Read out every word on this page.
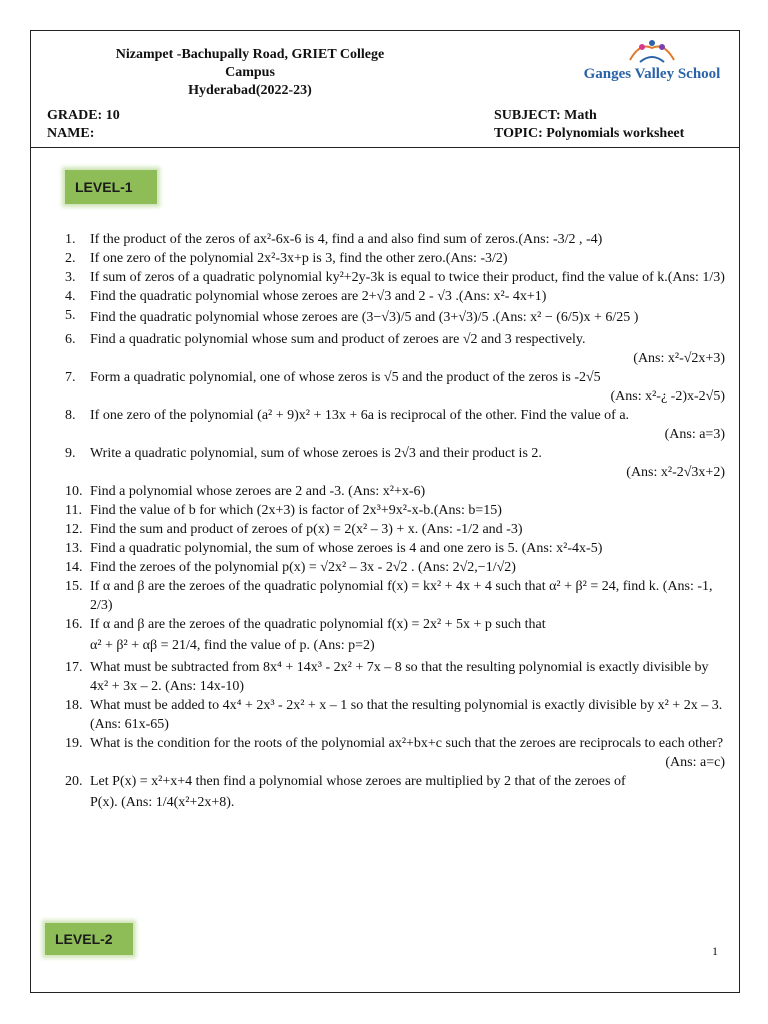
Nizampet -Bachupally Road, GRIET College Campus
Hyderabad(2022-23)
Ganges Valley School
GRADE: 10
NAME:
SUBJECT: Math
TOPIC: Polynomials worksheet
LEVEL-1
1. If the product of the zeros of ax²-6x-6 is 4, find a and also find sum of zeros.(Ans: -3/2 , -4)
2. If one zero of the polynomial 2x²-3x+p is 3, find the other zero.(Ans: -3/2)
3. If sum of zeros of a quadratic polynomial ky²+2y-3k is equal to twice their product, find the value of k.(Ans: 1/3)
4. Find the quadratic polynomial whose zeroes are 2+√3 and 2 - √3 .(Ans: x²- 4x+1)
5. Find the quadratic polynomial whose zeroes are (3−√3)/5 and (3+√3)/5 .(Ans: x² − (6/5)x + 6/25 )
6. Find a quadratic polynomial whose sum and product of zeroes are √2 and 3 respectively.
(Ans: x²-√2x+3)
7. Form a quadratic polynomial, one of whose zeros is √5 and the product of the zeros is -2√5
(Ans: x²-¿ -2)x-2√5)
8. If one zero of the polynomial (a² + 9)x² + 13x + 6a is reciprocal of the other. Find the value of a.
(Ans: a=3)
9. Write a quadratic polynomial, sum of whose zeroes is 2√3 and their product is 2.
(Ans: x²-2√3x+2)
10. Find a polynomial whose zeroes are 2 and -3. (Ans: x²+x-6)
11. Find the value of b for which (2x+3) is factor of 2x³+9x²-x-b.(Ans: b=15)
12. Find the sum and product of zeroes of p(x) = 2(x² – 3) + x. (Ans: -1/2 and -3)
13. Find a quadratic polynomial, the sum of whose zeroes is 4 and one zero is 5. (Ans: x²-4x-5)
14. Find the zeroes of the polynomial p(x) = √2x² – 3x - 2√2 . (Ans: 2√2,−1/√2)
15. If α and β are the zeroes of the quadratic polynomial f(x) = kx² + 4x + 4 such that α² + β² = 24, find k. (Ans: -1, 2/3)
16. If α and β are the zeroes of the quadratic polynomial f(x) = 2x² + 5x + p such that
α² + β² + αβ = 21/4, find the value of p. (Ans: p=2)
17. What must be subtracted from 8x⁴ + 14x³ - 2x² + 7x – 8 so that the resulting polynomial is exactly divisible by 4x² + 3x – 2. (Ans: 14x-10)
18. What must be added to 4x⁴ + 2x³ - 2x² + x – 1 so that the resulting polynomial is exactly divisible by x² + 2x – 3. (Ans: 61x-65)
19. What is the condition for the roots of the polynomial ax²+bx+c such that the zeroes are reciprocals to each other?
(Ans: a=c)
20. Let P(x) = x²+x+4 then find a polynomial whose zeroes are multiplied by 2 that of the zeroes of
P(x). (Ans: 1/4(x²+2x+8).
LEVEL-2
1
